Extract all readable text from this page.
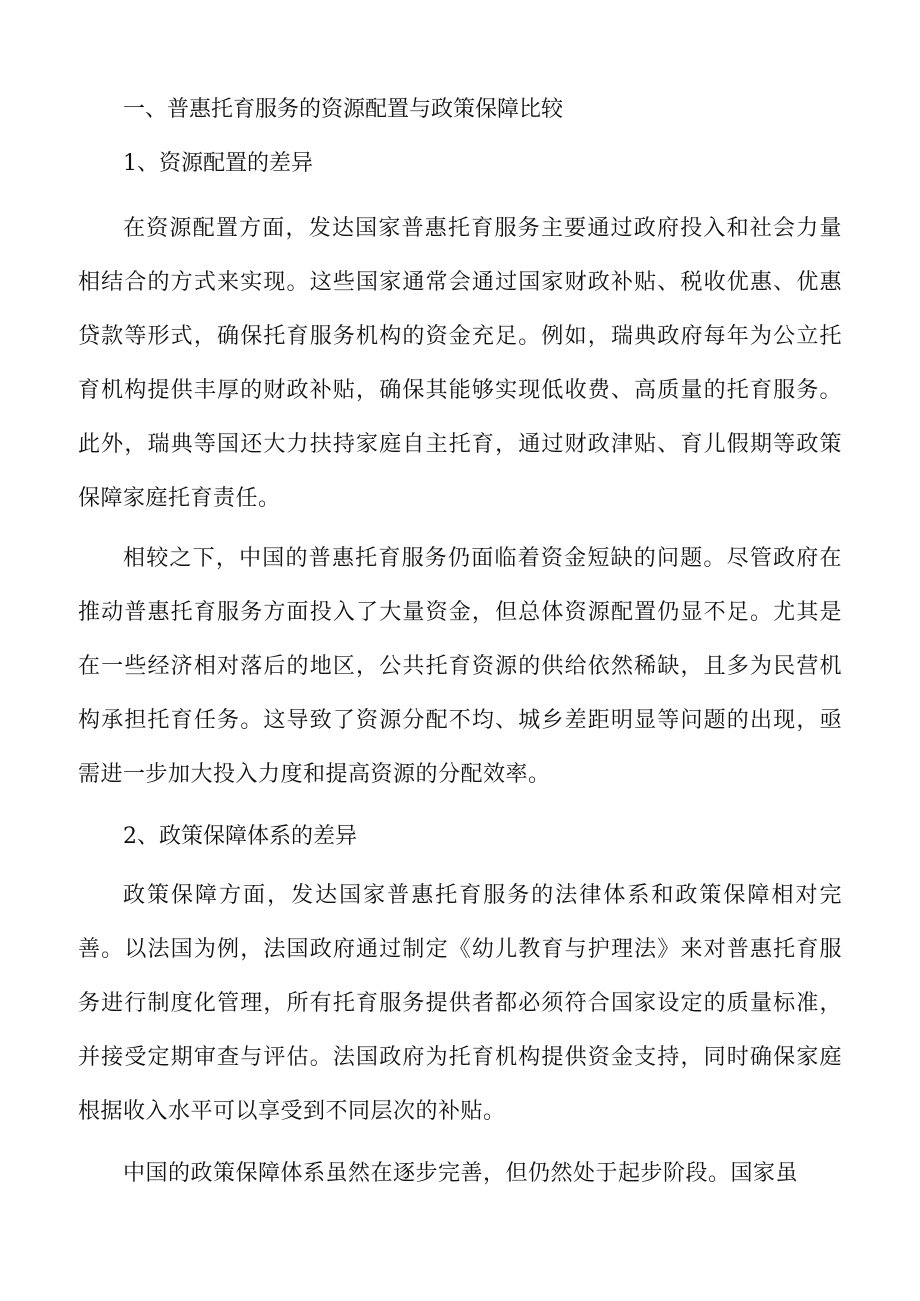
一、普惠托育服务的资源配置与政策保障比较

1、资源配置的差异

在资源配置方面，发达国家普惠托育服务主要通过政府投入和社会力量相结合的方式来实现。这些国家通常会通过国家财政补贴、税收优惠、优惠贷款等形式，确保托育服务机构的资金充足。例如，瑞典政府每年为公立托育机构提供丰厚的财政补贴，确保其能够实现低收费、高质量的托育服务。此外，瑞典等国还大力扶持家庭自主托育，通过财政津贴、育儿假期等政策保障家庭托育责任。

相较之下，中国的普惠托育服务仍面临着资金短缺的问题。尽管政府在推动普惠托育服务方面投入了大量资金，但总体资源配置仍显不足。尤其是在一些经济相对落后的地区，公共托育资源的供给依然稀缺，且多为民营机构承担托育任务。这导致了资源分配不均、城乡差距明显等问题的出现，亟需进一步加大投入力度和提高资源的分配效率。

2、政策保障体系的差异

政策保障方面，发达国家普惠托育服务的法律体系和政策保障相对完善。以法国为例，法国政府通过制定《幼儿教育与护理法》来对普惠托育服务进行制度化管理，所有托育服务提供者都必须符合国家设定的质量标准，并接受定期审查与评估。法国政府为托育机构提供资金支持，同时确保家庭根据收入水平可以享受到不同层次的补贴。

中国的政策保障体系虽然在逐步完善，但仍然处于起步阶段。国家虽
